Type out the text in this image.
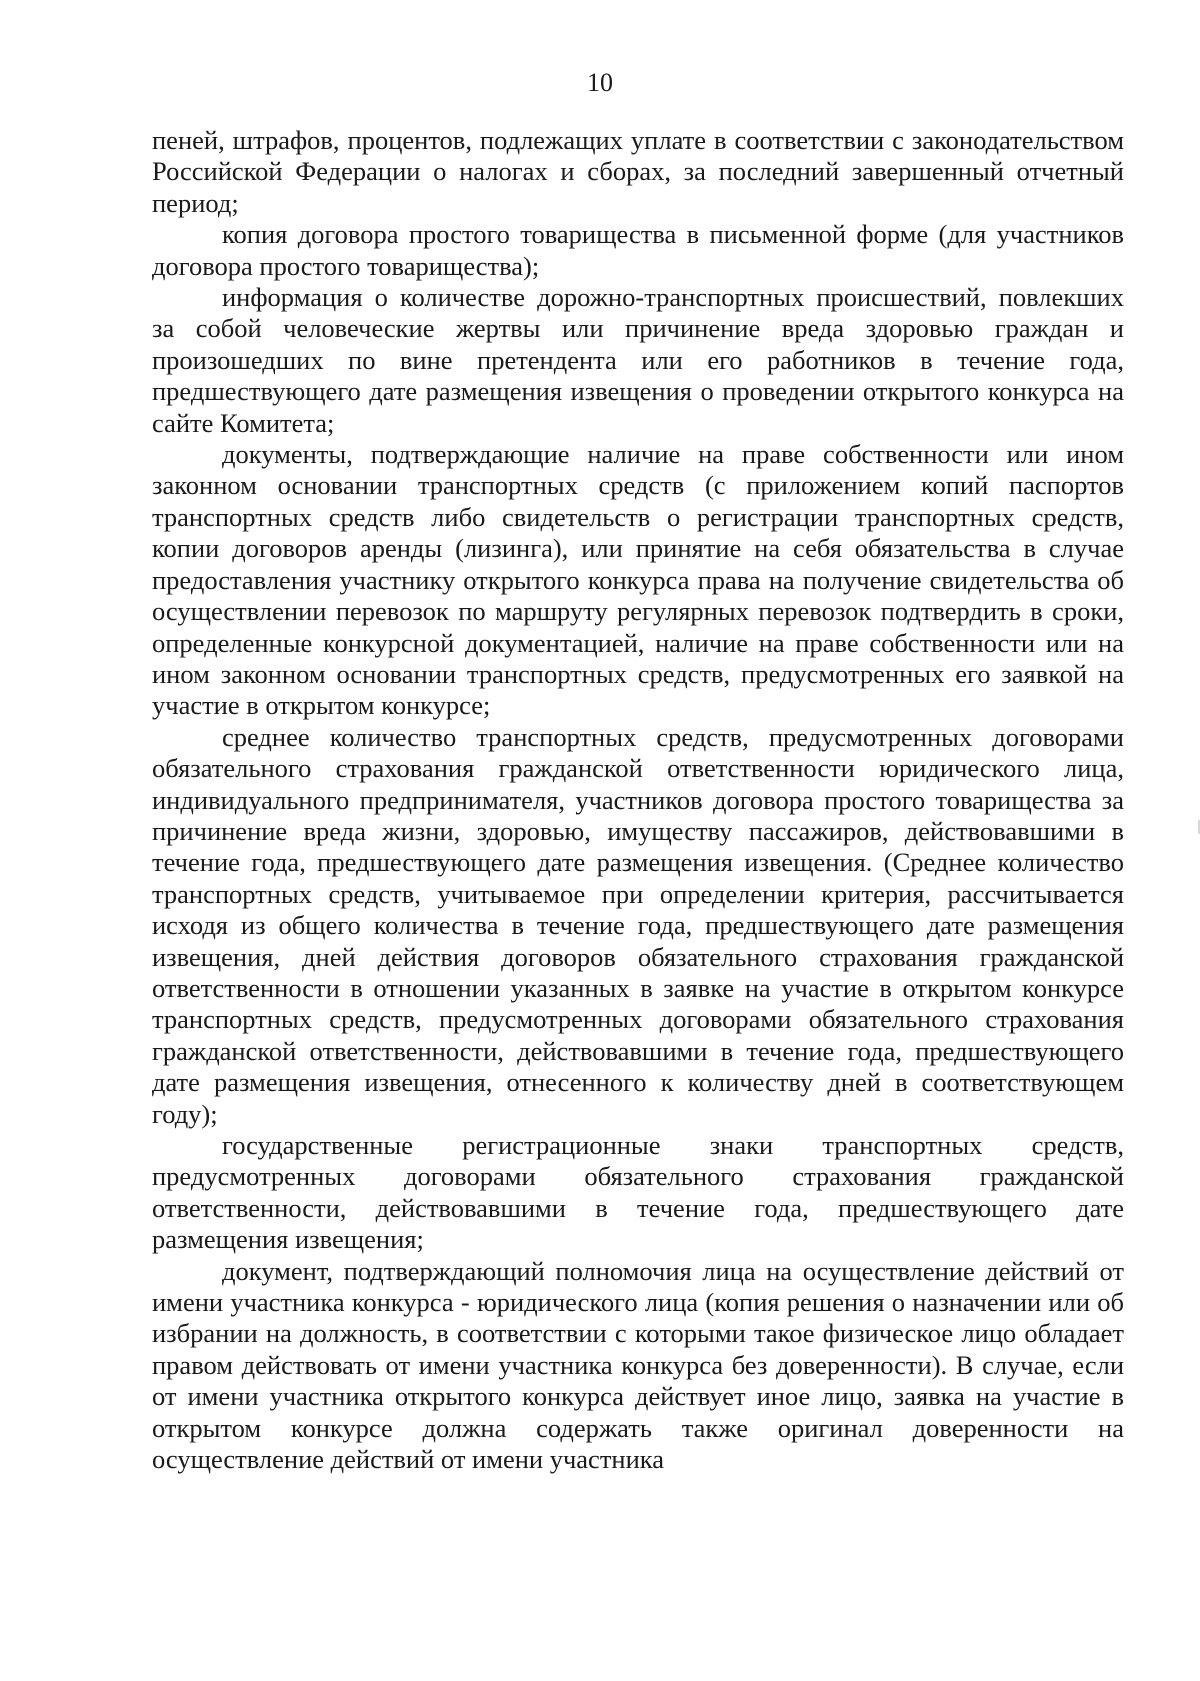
10

пеней, штрафов, процентов, подлежащих уплате в соответствии с законодательством Российской Федерации о налогах и сборах, за последний завершенный отчетный период;

копия договора простого товарищества в письменной форме (для участников договора простого товарищества);

информация о количестве дорожно-транспортных происшествий, повлекших за собой человеческие жертвы или причинение вреда здоровью граждан и произошедших по вине претендента или его работников в течение года, предшествующего дате размещения извещения о проведении открытого конкурса на сайте Комитета;

документы, подтверждающие наличие на праве собственности или ином законном основании транспортных средств (с приложением копий паспортов транспортных средств либо свидетельств о регистрации транспортных средств, копии договоров аренды (лизинга), или принятие на себя обязательства в случае предоставления участнику открытого конкурса права на получение свидетельства об осуществлении перевозок по маршруту регулярных перевозок подтвердить в сроки, определенные конкурсной документацией, наличие на праве собственности или на ином законном основании транспортных средств, предусмотренных его заявкой на участие в открытом конкурсе;

среднее количество транспортных средств, предусмотренных договорами обязательного страхования гражданской ответственности юридического лица, индивидуального предпринимателя, участников договора простого товарищества за причинение вреда жизни, здоровью, имуществу пассажиров, действовавшими в течение года, предшествующего дате размещения извещения. (Среднее количество транспортных средств, учитываемое при определении критерия, рассчитывается исходя из общего количества в течение года, предшествующего дате размещения извещения, дней действия договоров обязательного страхования гражданской ответственности в отношении указанных в заявке на участие в открытом конкурсе транспортных средств, предусмотренных договорами обязательного страхования гражданской ответственности, действовавшими в течение года, предшествующего дате размещения извещения, отнесенного к количеству дней в соответствующем году);

государственные регистрационные знаки транспортных средств, предусмотренных договорами обязательного страхования гражданской ответственности, действовавшими в течение года, предшествующего дате размещения извещения;

документ, подтверждающий полномочия лица на осуществление действий от имени участника конкурса - юридического лица (копия решения о назначении или об избрании на должность, в соответствии с которыми такое физическое лицо обладает правом действовать от имени участника конкурса без доверенности). В случае, если от имени участника открытого конкурса действует иное лицо, заявка на участие в открытом конкурсе должна содержать также оригинал доверенности на осуществление действий от имени участника
